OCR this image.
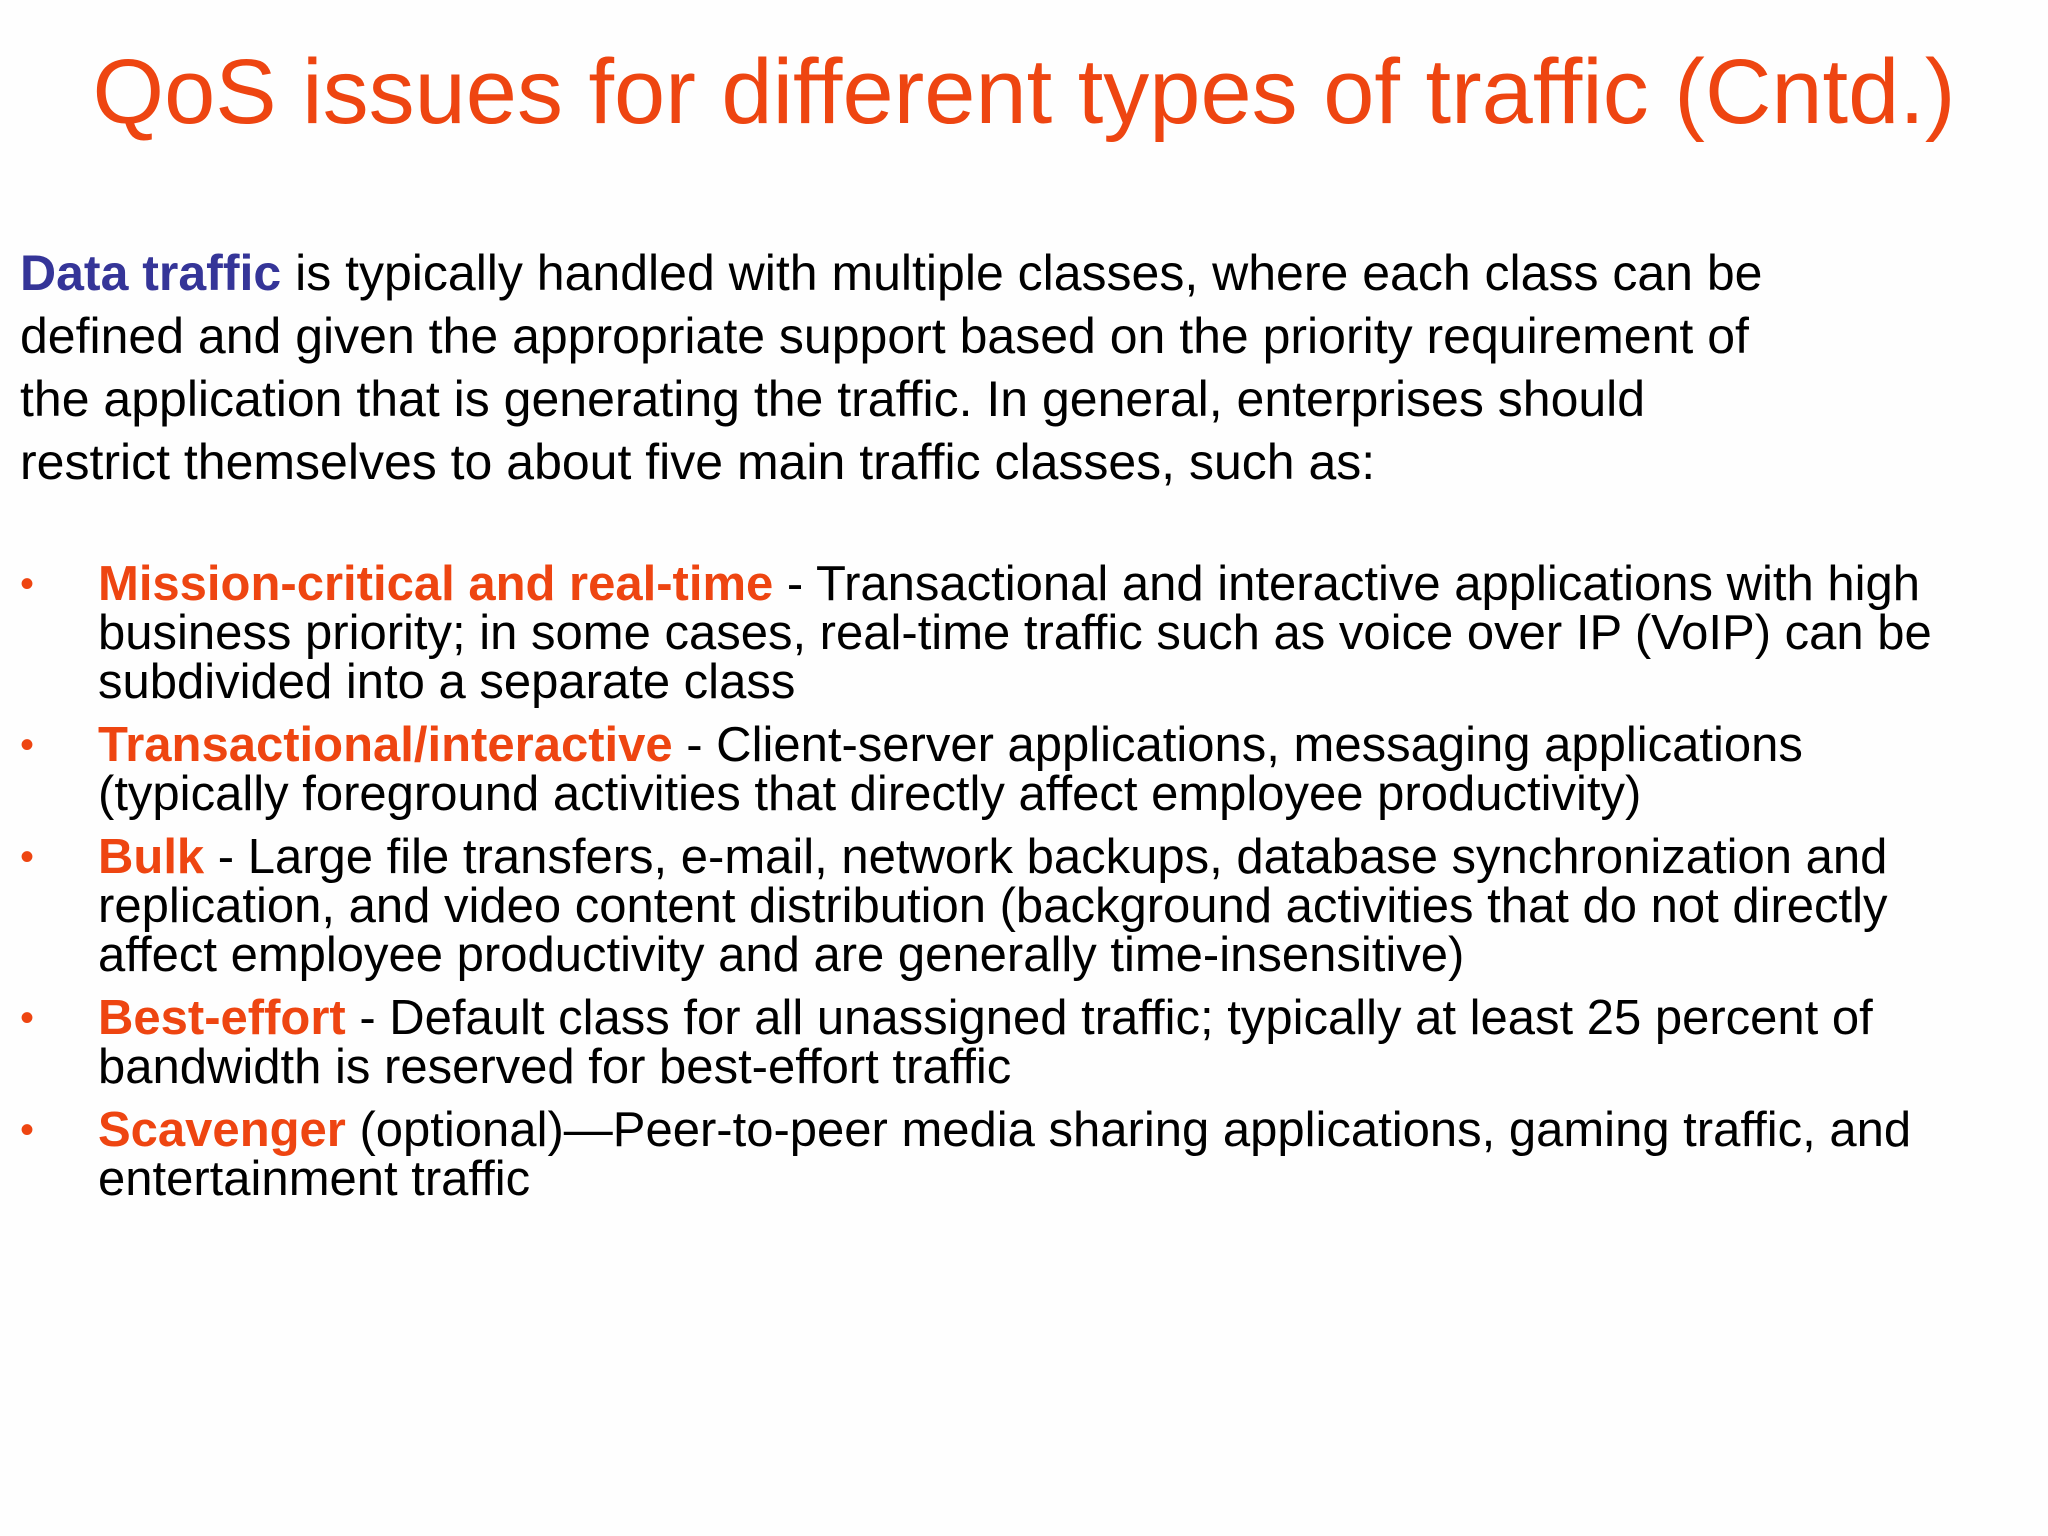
QoS issues for different types of traffic (Cntd.)
Data traffic is typically handled with multiple classes, where each class can be
defined and given the appropriate support based on the priority requirement of
the application that is generating the traffic. In general, enterprises should
restrict themselves to about five main traffic classes, such as:
• Mission-critical and real-time - Transactional and interactive applications with high
business priority; in some cases, real-time traffic such as voice over IP (VoIP) can be
subdivided into a separate class
• Transactional/interactive - Client-server applications, messaging applications
(typically foreground activities that directly affect employee productivity)
• Bulk - Large file transfers, e-mail, network backups, database synchronization and
replication, and video content distribution (background activities that do not directly
affect employee productivity and are generally time-insensitive)
• Best-effort - Default class for all unassigned traffic; typically at least 25 percent of
bandwidth is reserved for best-effort traffic
• Scavenger (optional)—Peer-to-peer media sharing applications, gaming traffic, and
entertainment traffic
